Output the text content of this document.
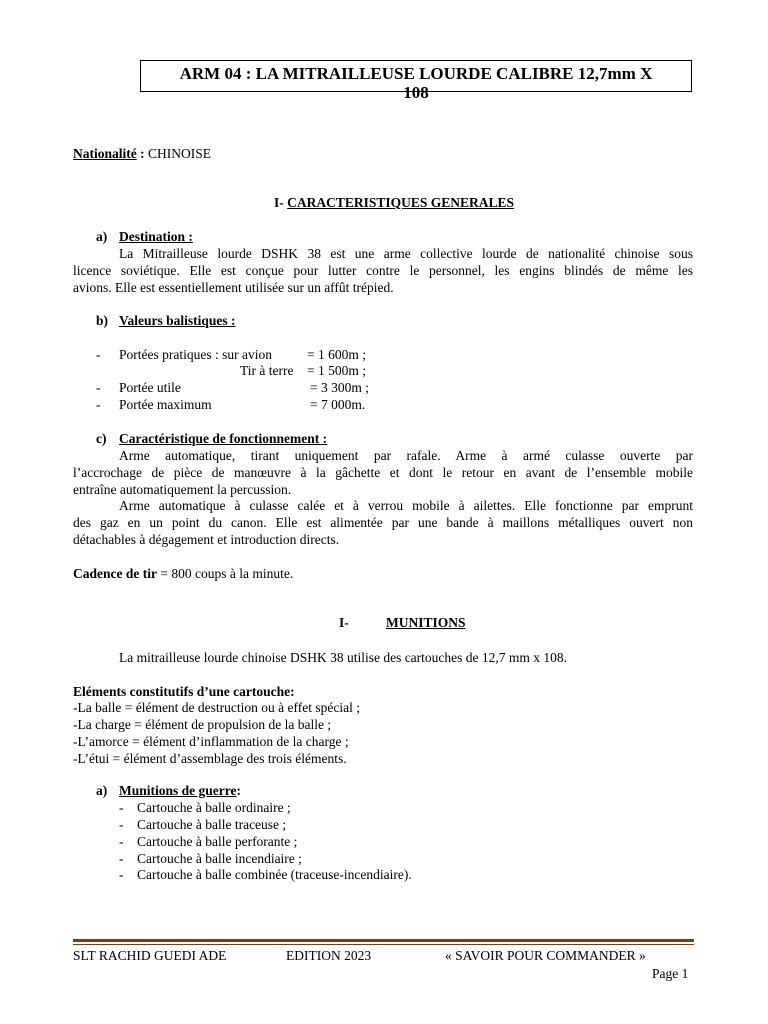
ARM 04 : LA MITRAILLEUSE LOURDE CALIBRE 12,7mm X
108
Nationalité : CHINOISE
I- CARACTERISTIQUES GENERALES
a) Destination :
La Mitrailleuse lourde DSHK 38 est une arme collective lourde de nationalité chinoise sous
licence soviétique. Elle est conçue pour lutter contre le personnel, les engins blindés de même les
avions. Elle est essentiellement utilisée sur un affût trépied.
b) Valeurs balistiques :
- Portées pratiques : sur avion	= 1 600m ;
Tir à terre = 1 500m ;
- Portée utile	= 3 300m ;
- Portée maximum	= 7 000m.
c) Caractéristique de fonctionnement :
Arme automatique, tirant uniquement par rafale. Arme à armé culasse ouverte par
l’accrochage de pièce de manœuvre à la gâchette et dont le retour en avant de l’ensemble mobile
entraîne automatiquement la percussion.
Arme automatique à culasse calée et à verrou mobile à ailettes. Elle fonctionne par emprunt
des gaz en un point du canon. Elle est alimentée par une bande à maillons métalliques ouvert non
détachables à dégagement et introduction directs.
Cadence de tir = 800 coups à la minute.
I-	MUNITIONS
La mitrailleuse lourde chinoise DSHK 38 utilise des cartouches de 12,7 mm x 108.
Eléments constitutifs d’une cartouche:
-La balle = élément de destruction ou à effet spécial ;
-La charge = élément de propulsion de la balle ;
-L’amorce = élément d’inflammation de la charge ;
-L’étui = élément d’assemblage des trois éléments.
a) Munitions de guerre:
- Cartouche à balle ordinaire ;
- Cartouche à balle traceuse ;
- Cartouche à balle perforante ;
- Cartouche à balle incendiaire ;
- Cartouche à balle combinée (traceuse-incendiaire).
SLT RACHID GUEDI ADE	EDITION 2023	« SAVOIR POUR COMMANDER »
Page 1
